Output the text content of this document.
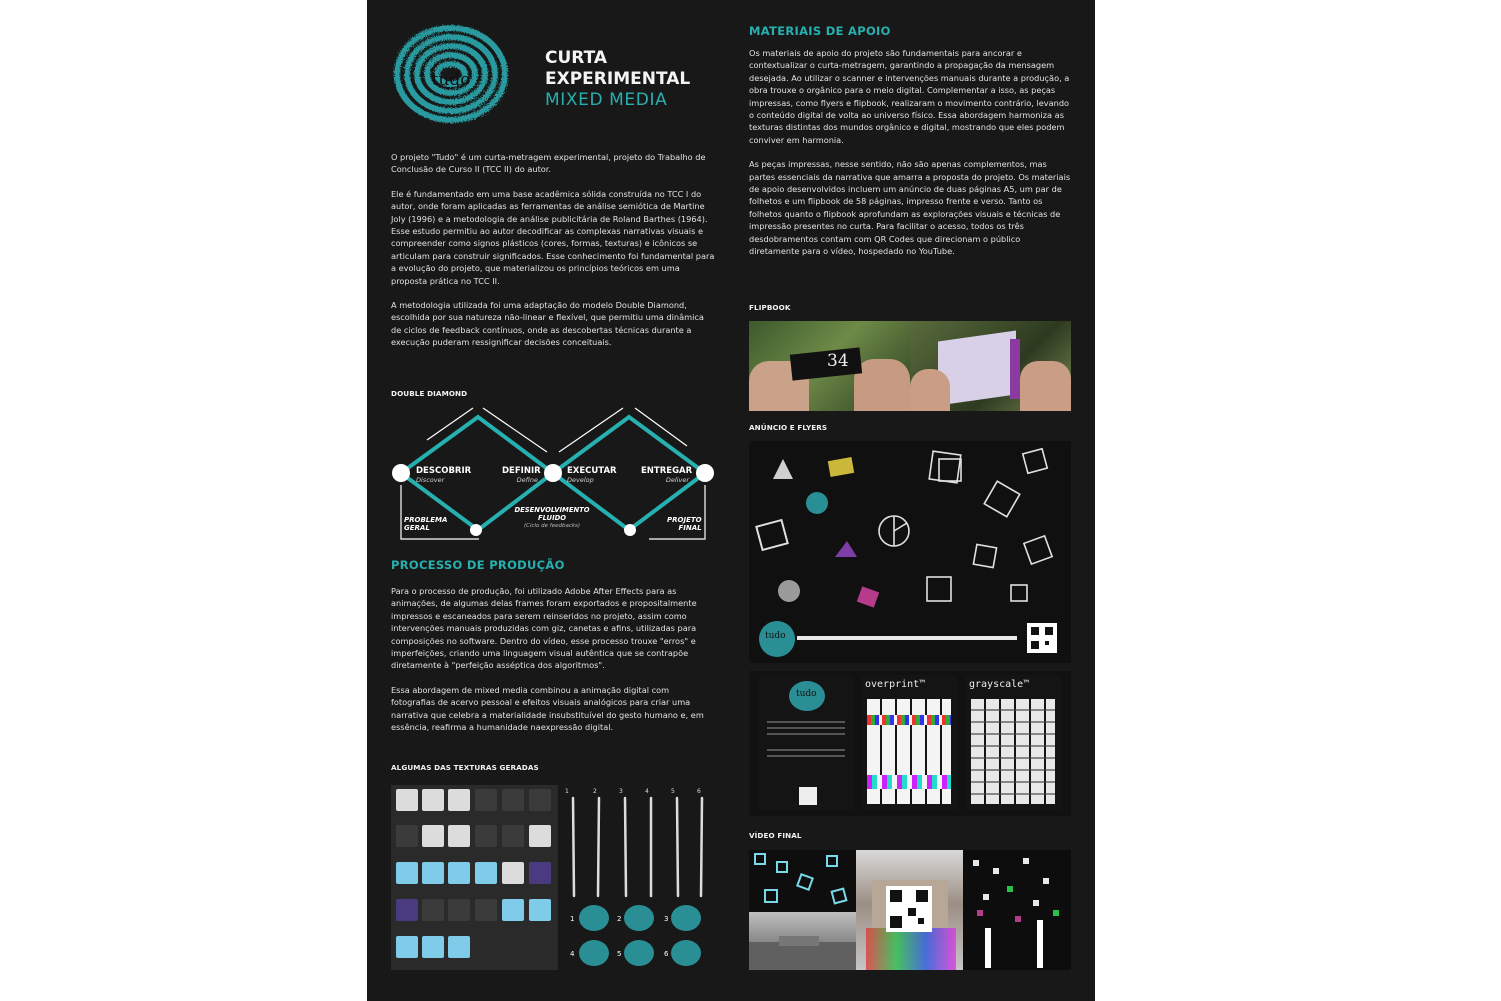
tudo
CURTA
EXPERIMENTAL
MIXED MEDIA

O projeto "Tudo" é um curta-metragem experimental, projeto do Trabalho de Conclusão de Curso II (TCC II) do autor.

Ele é fundamentado em uma base acadêmica sólida construída no TCC I do autor, onde foram aplicadas as ferramentas de análise semiótica de Martine Joly (1996) e a metodologia de análise publicitária de Roland Barthes (1964). Esse estudo permitiu ao autor decodificar as complexas narrativas visuais e compreender como signos plásticos (cores, formas, texturas) e icônicos se articulam para construir significados. Esse conhecimento foi fundamental para a evolução do projeto, que materializou os princípios teóricos em uma proposta prática no TCC II.

A metodologia utilizada foi uma adaptação do modelo Double Diamond, escolhida por sua natureza não-linear e flexível, que permitiu uma dinâmica de ciclos de feedback contínuos, onde as descobertas técnicas durante a execução puderam ressignificar decisões conceituais.

DOUBLE DIAMOND
DESCOBRIR
Discover
DEFINIR
Define
EXECUTAR
Develop
ENTREGAR
Deliver
PROBLEMA
GERAL
DESENVOLVIMENTO
FLUIDO
(Ciclo de feedbacks)
PROJETO
FINAL
PROCESSO DE PRODUÇÃO

Para o processo de produção, foi utilizado Adobe After Effects para as animações, de algumas delas frames foram exportados e propositalmente impressos e escaneados para serem reinseridos no projeto, assim como intervenções manuais produzidas com giz, canetas e afins, utilizadas para composições no software. Dentro do vídeo, esse processo trouxe "erros" e imperfeições, criando uma linguagem visual autêntica que se contrapõe diretamente à "perfeição asséptica dos algoritmos".

Essa abordagem de mixed media combinou a animação digital com fotografias de acervo pessoal e efeitos visuais analógicos para criar uma narrativa que celebra a materialidade insubstituível do gesto humano e, em essência, reafirma a humanidade naexpressão digital.

ALGUMAS DAS TEXTURAS GERADAS
1	2	3	4	5	6
1	2	3
4	5	6
MATERIAIS DE APOIO

Os materiais de apoio do projeto são fundamentais para ancorar e contextualizar o curta-metragem, garantindo a propagação da mensagem desejada. Ao utilizar o scanner e intervenções manuais durante a produção, a obra trouxe o orgânico para o meio digital. Complementar a isso, as peças impressas, como flyers e flipbook, realizaram o movimento contrário, levando o conteúdo digital de volta ao universo físico. Essa abordagem harmoniza as texturas distintas dos mundos orgânico e digital, mostrando que eles podem conviver em harmonia.

As peças impressas, nesse sentido, não são apenas complementos, mas partes essenciais da narrativa que amarra a proposta do projeto. Os materiais de apoio desenvolvidos incluem um anúncio de duas páginas A5, um par de folhetos e um flipbook de 58 páginas, impresso frente e verso. Tanto os folhetos quanto o flipbook aprofundam as explorações visuais e técnicas de impressão presentes no curta. Para facilitar o acesso, todos os três desdobramentos contam com QR Codes que direcionam o público diretamente para o vídeo, hospedado no YouTube.

FLIPBOOK
34
ANÚNCIO E FLYERS
tudo
tudo
overprint™	grayscale™
VÍDEO FINAL
